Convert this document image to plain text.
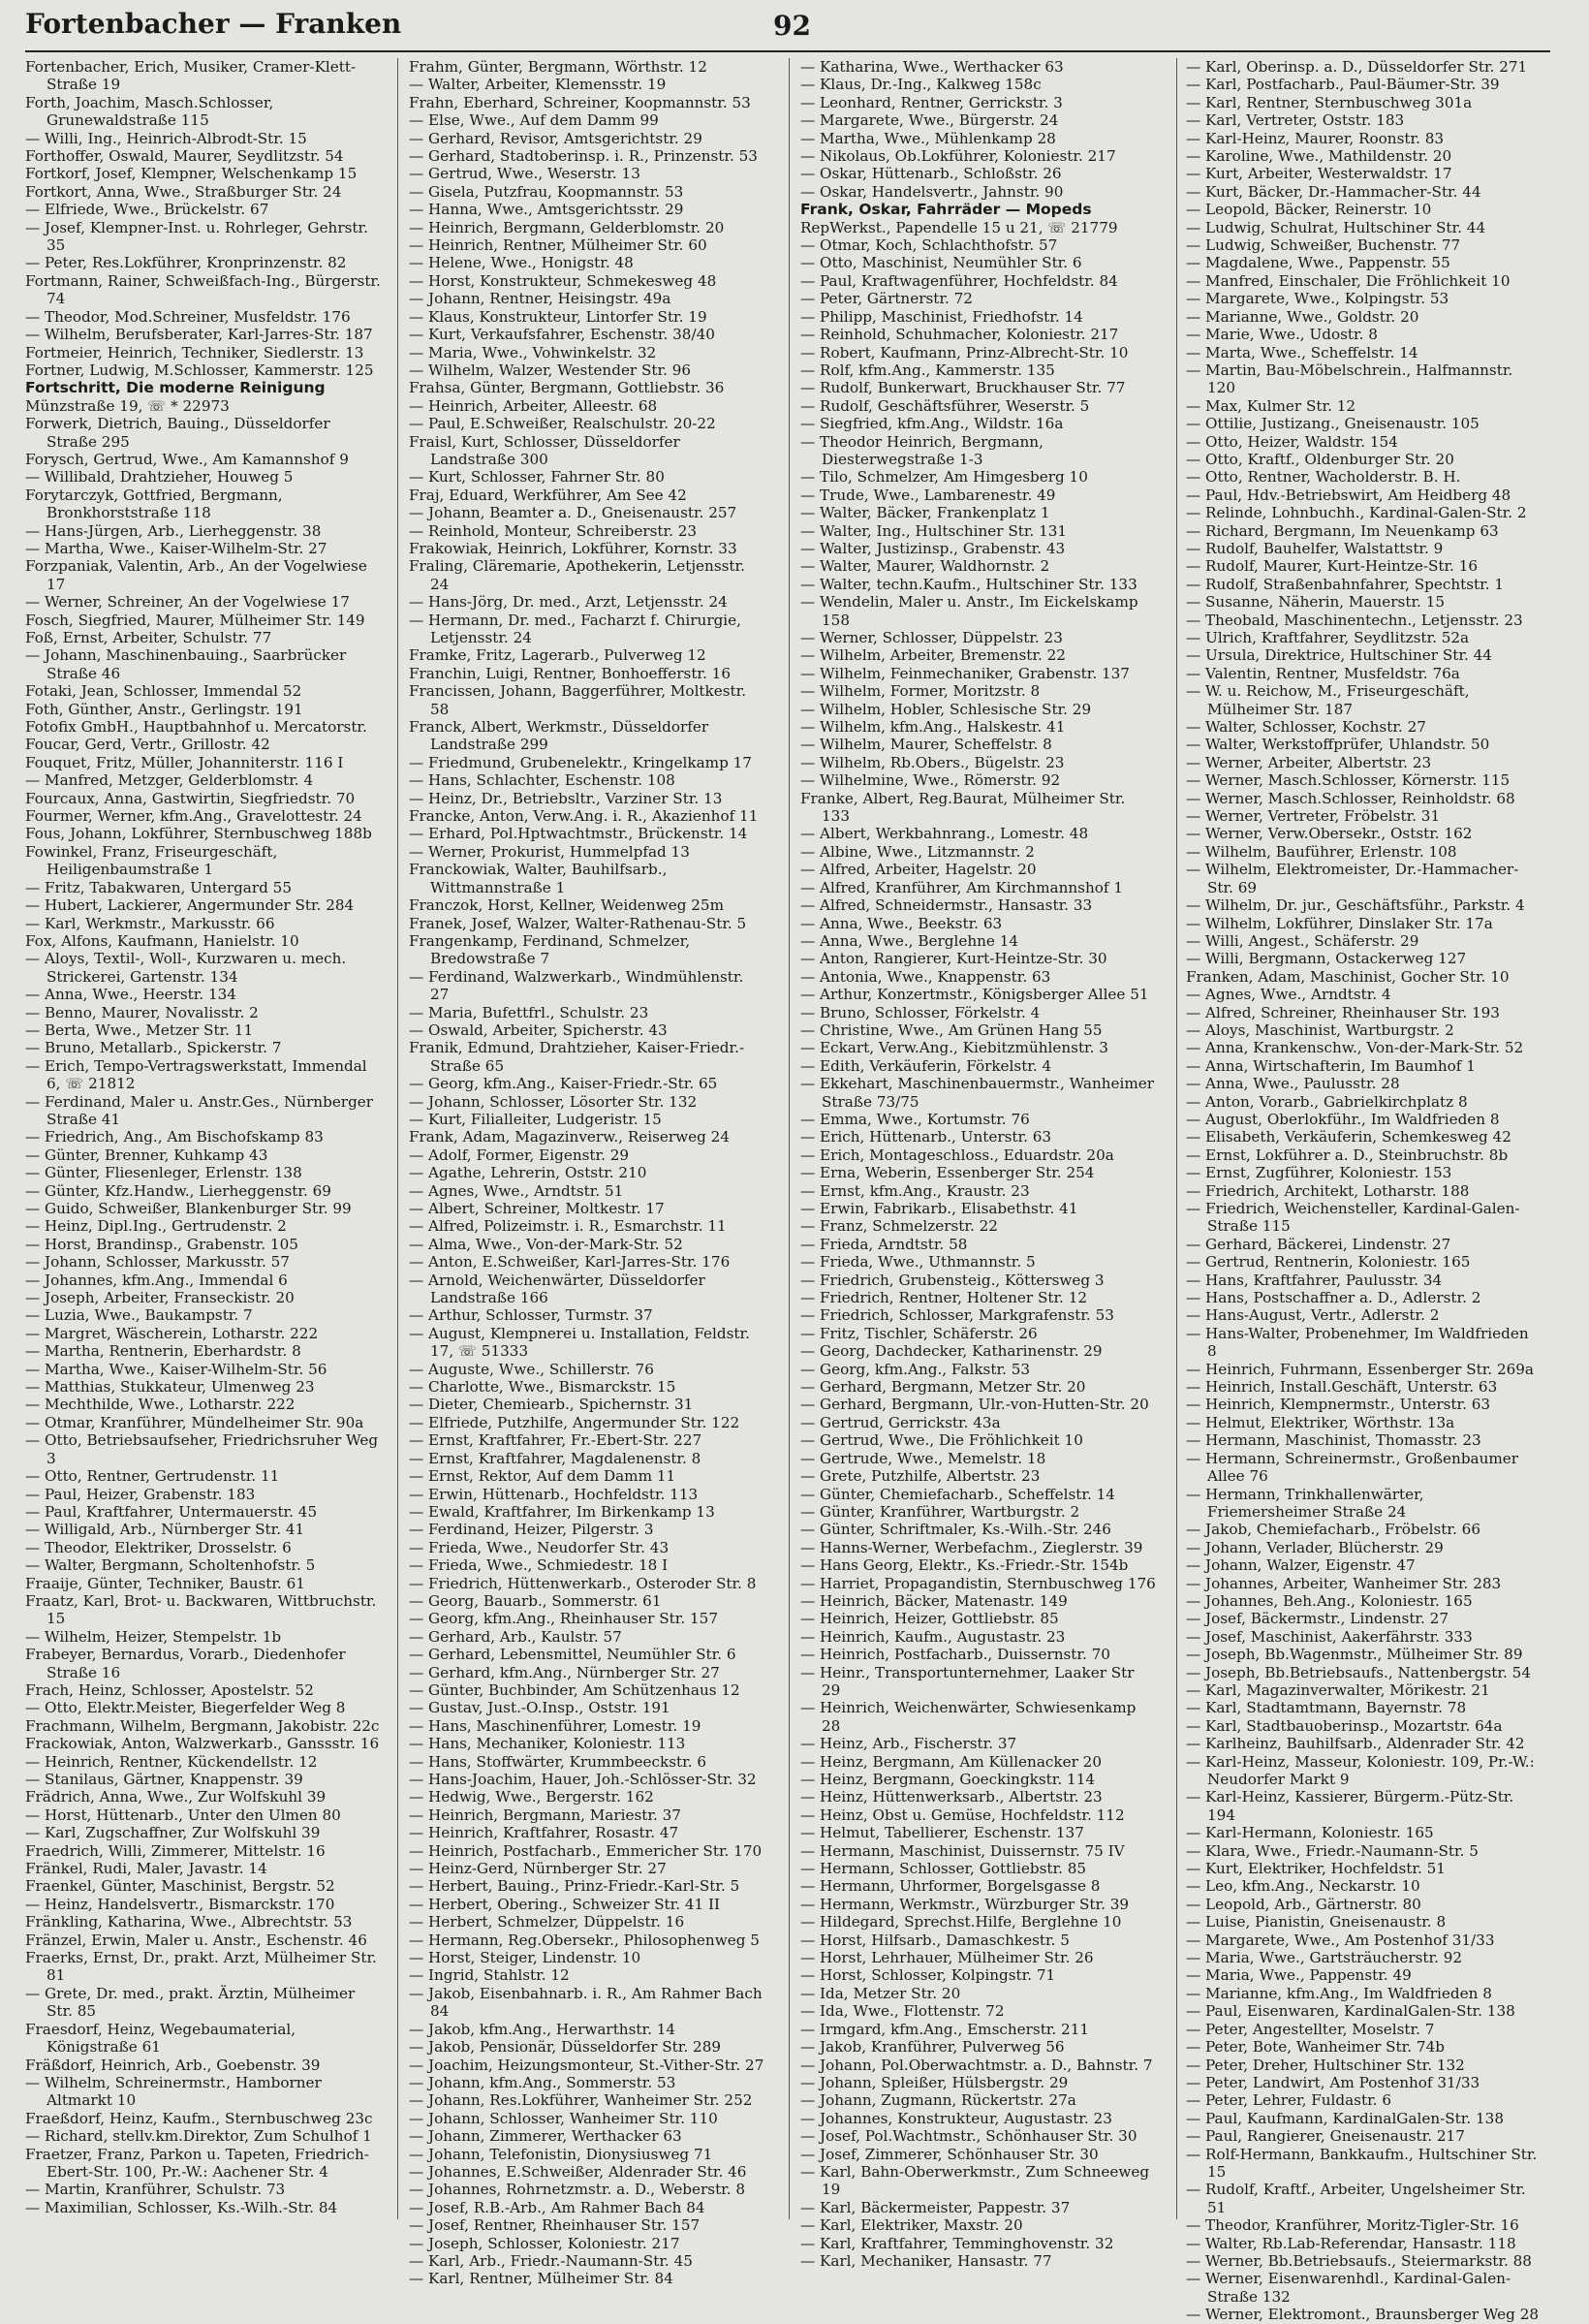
Fortenbacher — Franken	92

Fortenbacher, Erich, Musiker, Cramer-Klett-Straße 19

Forth, Joachim, Masch.Schlosser, Grunewaldstraße 115

— Willi, Ing., Heinrich-Albrodt-Str. 15

Forthoffer, Oswald, Maurer, Seydlitzstr. 54

Fortkorf, Josef, Klempner, Welschenkamp 15

Fortkort, Anna, Wwe., Straßburger Str. 24

— Elfriede, Wwe., Brückelstr. 67

— Josef, Klempner-Inst. u. Rohrleger, Gehrstr. 35

— Peter, Res.Lokführer, Kronprinzenstr. 82

Fortmann, Rainer, Schweißfach-Ing., Bürgerstr. 74

— Theodor, Mod.Schreiner, Musfeldstr. 176

— Wilhelm, Berufsberater, Karl-Jarres-Str. 187

Fortmeier, Heinrich, Techniker, Siedlerstr. 13

Fortner, Ludwig, M.Schlosser, Kammerstr. 125

Fortschritt, Die moderne Reinigung

Münzstraße 19, ☏ * 22973

Forwerk, Dietrich, Bauing., Düsseldorfer Straße 295

Forysch, Gertrud, Wwe., Am Kamannshof 9

— Willibald, Drahtzieher, Houweg 5

Forytarczyk, Gottfried, Bergmann, Bronkhorststraße 118

— Hans-Jürgen, Arb., Lierheggenstr. 38

— Martha, Wwe., Kaiser-Wilhelm-Str. 27

Forzpaniak, Valentin, Arb., An der Vogelwiese 17

— Werner, Schreiner, An der Vogelwiese 17

Fosch, Siegfried, Maurer, Mülheimer Str. 149

Foß, Ernst, Arbeiter, Schulstr. 77

— Johann, Maschinenbauing., Saarbrücker Straße 46

Fotaki, Jean, Schlosser, Immendal 52

Foth, Günther, Anstr., Gerlingstr. 191

Fotofix GmbH., Hauptbahnhof u. Mercatorstr.

Foucar, Gerd, Vertr., Grillostr. 42

Fouquet, Fritz, Müller, Johanniterstr. 116 I

— Manfred, Metzger, Gelderblomstr. 4

Fourcaux, Anna, Gastwirtin, Siegfriedstr. 70

Fourmer, Werner, kfm.Ang., Gravelottestr. 24

Fous, Johann, Lokführer, Sternbuschweg 188b

Fowinkel, Franz, Friseurgeschäft, Heiligenbaumstraße 1

— Fritz, Tabakwaren, Untergard 55

— Hubert, Lackierer, Angermunder Str. 284

— Karl, Werkmstr., Markusstr. 66

Fox, Alfons, Kaufmann, Hanielstr. 10

— Aloys, Textil-, Woll-, Kurzwaren u. mech. Strickerei, Gartenstr. 134

— Anna, Wwe., Heerstr. 134

— Benno, Maurer, Novalisstr. 2

— Berta, Wwe., Metzer Str. 11

— Bruno, Metallarb., Spickerstr. 7

— Erich, Tempo-Vertragswerkstatt, Immendal 6, ☏ 21812

— Ferdinand, Maler u. Anstr.Ges., Nürnberger Straße 41

— Friedrich, Ang., Am Bischofskamp 83

— Günter, Brenner, Kuhkamp 43

— Günter, Fliesenleger, Erlenstr. 138

— Günter, Kfz.Handw., Lierheggenstr. 69

— Guido, Schweißer, Blankenburger Str. 99

— Heinz, Dipl.Ing., Gertrudenstr. 2

— Horst, Brandinsp., Grabenstr. 105

— Johann, Schlosser, Markusstr. 57

— Johannes, kfm.Ang., Immendal 6

— Joseph, Arbeiter, Franseckistr. 20

— Luzia, Wwe., Baukampstr. 7

— Margret, Wäscherein, Lotharstr. 222

— Martha, Rentnerin, Eberhardstr. 8

— Martha, Wwe., Kaiser-Wilhelm-Str. 56

— Matthias, Stukkateur, Ulmenweg 23

— Mechthilde, Wwe., Lotharstr. 222

— Otmar, Kranführer, Mündelheimer Str. 90a

— Otto, Betriebsaufseher, Friedrichsruher Weg 3

— Otto, Rentner, Gertrudenstr. 11

— Paul, Heizer, Grabenstr. 183

— Paul, Kraftfahrer, Untermauerstr. 45

— Willigald, Arb., Nürnberger Str. 41

— Theodor, Elektriker, Drosselstr. 6

— Walter, Bergmann, Scholtenhofstr. 5

Fraaije, Günter, Techniker, Baustr. 61

Fraatz, Karl, Brot- u. Backwaren, Wittbruchstr. 15

— Wilhelm, Heizer, Stempelstr. 1b

Frabeyer, Bernardus, Vorarb., Diedenhofer Straße 16

Frach, Heinz, Schlosser, Apostelstr. 52

— Otto, Elektr.Meister, Biegerfelder Weg 8

Frachmann, Wilhelm, Bergmann, Jakobistr. 22c

Frackowiak, Anton, Walzwerkarb., Ganssstr. 16

— Heinrich, Rentner, Kückendellstr. 12

— Stanilaus, Gärtner, Knappenstr. 39

Frädrich, Anna, Wwe., Zur Wolfskuhl 39

— Horst, Hüttenarb., Unter den Ulmen 80

— Karl, Zugschaffner, Zur Wolfskuhl 39

Fraedrich, Willi, Zimmerer, Mittelstr. 16

Fränkel, Rudi, Maler, Javastr. 14

Fraenkel, Günter, Maschinist, Bergstr. 52

— Heinz, Handelsvertr., Bismarckstr. 170

Fränkling, Katharina, Wwe., Albrechtstr. 53

Fränzel, Erwin, Maler u. Anstr., Eschenstr. 46

Fraerks, Ernst, Dr., prakt. Arzt, Mülheimer Str. 81

— Grete, Dr. med., prakt. Ärztin, Mülheimer Str. 85

Fraesdorf, Heinz, Wegebaumaterial, Königstraße 61

Fräßdorf, Heinrich, Arb., Goebenstr. 39

— Wilhelm, Schreinermstr., Hamborner Altmarkt 10

Fraeßdorf, Heinz, Kaufm., Sternbuschweg 23c

— Richard, stellv.km.Direktor, Zum Schulhof 1

Fraetzer, Franz, Parkon u. Tapeten, Friedrich-Ebert-Str. 100, Pr.-W.: Aachener Str. 4

— Martin, Kranführer, Schulstr. 73

— Maximilian, Schlosser, Ks.-Wilh.-Str. 84

Frahm, Günter, Bergmann, Wörthstr. 12

— Walter, Arbeiter, Klemensstr. 19

Frahn, Eberhard, Schreiner, Koopmannstr. 53

— Else, Wwe., Auf dem Damm 99

— Gerhard, Revisor, Amtsgerichtstr. 29

— Gerhard, Stadtoberinsp. i. R., Prinzenstr. 53

— Gertrud, Wwe., Weserstr. 13

— Gisela, Putzfrau, Koopmannstr. 53

— Hanna, Wwe., Amtsgerichtsstr. 29

— Heinrich, Bergmann, Gelderblomstr. 20

— Heinrich, Rentner, Mülheimer Str. 60

— Helene, Wwe., Honigstr. 48

— Horst, Konstrukteur, Schmekesweg 48

— Johann, Rentner, Heisingstr. 49a

— Klaus, Konstrukteur, Lintorfer Str. 19

— Kurt, Verkaufsfahrer, Eschenstr. 38/40

— Maria, Wwe., Vohwinkelstr. 32

— Wilhelm, Walzer, Westender Str. 96

Frahsa, Günter, Bergmann, Gottliebstr. 36

— Heinrich, Arbeiter, Alleestr. 68

— Paul, E.Schweißer, Realschulstr. 20-22

Fraisl, Kurt, Schlosser, Düsseldorfer Landstraße 300

— Kurt, Schlosser, Fahrner Str. 80

Fraj, Eduard, Werkführer, Am See 42

— Johann, Beamter a. D., Gneisenaustr. 257

— Reinhold, Monteur, Schreiberstr. 23

Frakowiak, Heinrich, Lokführer, Kornstr. 33

Fraling, Cläremarie, Apothekerin, Letjensstr. 24

— Hans-Jörg, Dr. med., Arzt, Letjensstr. 24

— Hermann, Dr. med., Facharzt f. Chirurgie, Letjensstr. 24

Framke, Fritz, Lagerarb., Pulverweg 12

Franchin, Luigi, Rentner, Bonhoefferstr. 16

Francissen, Johann, Baggerführer, Moltkestr. 58

Franck, Albert, Werkmstr., Düsseldorfer Landstraße 299

— Friedmund, Grubenelektr., Kringelkamp 17

— Hans, Schlachter, Eschenstr. 108

— Heinz, Dr., Betriebsltr., Varziner Str. 13

Francke, Anton, Verw.Ang. i. R., Akazienhof 11

— Erhard, Pol.Hptwachtmstr., Brückenstr. 14

— Werner, Prokurist, Hummelpfad 13

Franckowiak, Walter, Bauhilfsarb., Wittmannstraße 1

Franczok, Horst, Kellner, Weidenweg 25m

Franek, Josef, Walzer, Walter-Rathenau-Str. 5

Frangenkamp, Ferdinand, Schmelzer, Bredowstraße 7

— Ferdinand, Walzwerkarb., Windmühlenstr. 27

— Maria, Bufettfrl., Schulstr. 23

— Oswald, Arbeiter, Spicherstr. 43

Franik, Edmund, Drahtzieher, Kaiser-Friedr.-Straße 65

— Georg, kfm.Ang., Kaiser-Friedr.-Str. 65

— Johann, Schlosser, Lösorter Str. 132

— Kurt, Filialleiter, Ludgeristr. 15

Frank, Adam, Magazinverw., Reiserweg 24

— Adolf, Former, Eigenstr. 29

— Agathe, Lehrerin, Oststr. 210

— Agnes, Wwe., Arndtstr. 51

— Albert, Schreiner, Moltkestr. 17

— Alfred, Polizeimstr. i. R., Esmarchstr. 11

— Alma, Wwe., Von-der-Mark-Str. 52

— Anton, E.Schweißer, Karl-Jarres-Str. 176

— Arnold, Weichenwärter, Düsseldorfer Landstraße 166

— Arthur, Schlosser, Turmstr. 37

— August, Klempnerei u. Installation, Feldstr. 17, ☏ 51333

— Auguste, Wwe., Schillerstr. 76

— Charlotte, Wwe., Bismarckstr. 15

— Dieter, Chemiearb., Spichernstr. 31

— Elfriede, Putzhilfe, Angermunder Str. 122

— Ernst, Kraftfahrer, Fr.-Ebert-Str. 227

— Ernst, Kraftfahrer, Magdalenenstr. 8

— Ernst, Rektor, Auf dem Damm 11

— Erwin, Hüttenarb., Hochfeldstr. 113

— Ewald, Kraftfahrer, Im Birkenkamp 13

— Ferdinand, Heizer, Pilgerstr. 3

— Frieda, Wwe., Neudorfer Str. 43

— Frieda, Wwe., Schmiedestr. 18 I

— Friedrich, Hüttenwerkarb., Osteroder Str. 8

— Georg, Bauarb., Sommerstr. 61

— Georg, kfm.Ang., Rheinhauser Str. 157

— Gerhard, Arb., Kaulstr. 57

— Gerhard, Lebensmittel, Neumühler Str. 6

— Gerhard, kfm.Ang., Nürnberger Str. 27

— Günter, Buchbinder, Am Schützenhaus 12

— Gustav, Just.-O.Insp., Oststr. 191

— Hans, Maschinenführer, Lomestr. 19

— Hans, Mechaniker, Koloniestr. 113

— Hans, Stoffwärter, Krummbeeckstr. 6

— Hans-Joachim, Hauer, Joh.-Schlösser-Str. 32

— Hedwig, Wwe., Bergerstr. 162

— Heinrich, Bergmann, Mariestr. 37

— Heinrich, Kraftfahrer, Rosastr. 47

— Heinrich, Postfacharb., Emmericher Str. 170

— Heinz-Gerd, Nürnberger Str. 27

— Herbert, Bauing., Prinz-Friedr.-Karl-Str. 5

— Herbert, Obering., Schweizer Str. 41 II

— Herbert, Schmelzer, Düppelstr. 16

— Hermann, Reg.Obersekr., Philosophenweg 5

— Horst, Steiger, Lindenstr. 10

— Ingrid, Stahlstr. 12

— Jakob, Eisenbahnarb. i. R., Am Rahmer Bach 84

— Jakob, kfm.Ang., Herwarthstr. 14

— Jakob, Pensionär, Düsseldorfer Str. 289

— Joachim, Heizungsmonteur, St.-Vither-Str. 27

— Johann, kfm.Ang., Sommerstr. 53

— Johann, Res.Lokführer, Wanheimer Str. 252

— Johann, Schlosser, Wanheimer Str. 110

— Johann, Zimmerer, Werthacker 63

— Johann, Telefonistin, Dionysiusweg 71

— Johannes, E.Schweißer, Aldenrader Str. 46

— Johannes, Rohrnetzmstr. a. D., Weberstr. 8

— Josef, R.B.-Arb., Am Rahmer Bach 84

— Josef, Rentner, Rheinhauser Str. 157

— Joseph, Schlosser, Koloniestr. 217

— Karl, Arb., Friedr.-Naumann-Str. 45

— Karl, Rentner, Mülheimer Str. 84

— Katharina, Wwe., Werthacker 63

— Klaus, Dr.-Ing., Kalkweg 158c

— Leonhard, Rentner, Gerrickstr. 3

— Margarete, Wwe., Bürgerstr. 24

— Martha, Wwe., Mühlenkamp 28

— Nikolaus, Ob.Lokführer, Koloniestr. 217

— Oskar, Hüttenarb., Schloßstr. 26

— Oskar, Handelsvertr., Jahnstr. 90

Frank, Oskar, Fahrräder — Mopeds

RepWerkst., Papendelle 15 u 21, ☏ 21779

— Otmar, Koch, Schlachthofstr. 57

— Otto, Maschinist, Neumühler Str. 6

— Paul, Kraftwagenführer, Hochfeldstr. 84

— Peter, Gärtnerstr. 72

— Philipp, Maschinist, Friedhofstr. 14

— Reinhold, Schuhmacher, Koloniestr. 217

— Robert, Kaufmann, Prinz-Albrecht-Str. 10

— Rolf, kfm.Ang., Kammerstr. 135

— Rudolf, Bunkerwart, Bruckhauser Str. 77

— Rudolf, Geschäftsführer, Weserstr. 5

— Siegfried, kfm.Ang., Wildstr. 16a

— Theodor Heinrich, Bergmann, Diesterwegstraße 1-3

— Tilo, Schmelzer, Am Himgesberg 10

— Trude, Wwe., Lambarenestr. 49

— Walter, Bäcker, Frankenplatz 1

— Walter, Ing., Hultschiner Str. 131

— Walter, Justizinsp., Grabenstr. 43

— Walter, Maurer, Waldhornstr. 2

— Walter, techn.Kaufm., Hultschiner Str. 133

— Wendelin, Maler u. Anstr., Im Eickelskamp 158

— Werner, Schlosser, Düppelstr. 23

— Wilhelm, Arbeiter, Bremenstr. 22

— Wilhelm, Feinmechaniker, Grabenstr. 137

— Wilhelm, Former, Moritzstr. 8

— Wilhelm, Hobler, Schlesische Str. 29

— Wilhelm, kfm.Ang., Halskestr. 41

— Wilhelm, Maurer, Scheffelstr. 8

— Wilhelm, Rb.Obers., Bügelstr. 23

— Wilhelmine, Wwe., Römerstr. 92

Franke, Albert, Reg.Baurat, Mülheimer Str. 133

— Albert, Werkbahnrang., Lomestr. 48

— Albine, Wwe., Litzmannstr. 2

— Alfred, Arbeiter, Hagelstr. 20

— Alfred, Kranführer, Am Kirchmannshof 1

— Alfred, Schneidermstr., Hansastr. 33

— Anna, Wwe., Beekstr. 63

— Anna, Wwe., Berglehne 14

— Anton, Rangierer, Kurt-Heintze-Str. 30

— Antonia, Wwe., Knappenstr. 63

— Arthur, Konzertmstr., Königsberger Allee 51

— Bruno, Schlosser, Förkelstr. 4

— Christine, Wwe., Am Grünen Hang 55

— Eckart, Verw.Ang., Kiebitzmühlenstr. 3

— Edith, Verkäuferin, Förkelstr. 4

— Ekkehart, Maschinenbauermstr., Wanheimer Straße 73/75

— Emma, Wwe., Kortumstr. 76

— Erich, Hüttenarb., Unterstr. 63

— Erich, Montageschloss., Eduardstr. 20a

— Erna, Weberin, Essenberger Str. 254

— Ernst, kfm.Ang., Kraustr. 23

— Erwin, Fabrikarb., Elisabethstr. 41

— Franz, Schmelzerstr. 22

— Frieda, Arndtstr. 58

— Frieda, Wwe., Uthmannstr. 5

— Friedrich, Grubensteig., Köttersweg 3

— Friedrich, Rentner, Holtener Str. 12

— Friedrich, Schlosser, Markgrafenstr. 53

— Fritz, Tischler, Schäferstr. 26

— Georg, Dachdecker, Katharinenstr. 29

— Georg, kfm.Ang., Falkstr. 53

— Gerhard, Bergmann, Metzer Str. 20

— Gerhard, Bergmann, Ulr.-von-Hutten-Str. 20

— Gertrud, Gerrickstr. 43a

— Gertrud, Wwe., Die Fröhlichkeit 10

— Gertrude, Wwe., Memelstr. 18

— Grete, Putzhilfe, Albertstr. 23

— Günter, Chemiefacharb., Scheffelstr. 14

— Günter, Kranführer, Wartburgstr. 2

— Günter, Schriftmaler, Ks.-Wilh.-Str. 246

— Hanns-Werner, Werbefachm., Zieglerstr. 39

— Hans Georg, Elektr., Ks.-Friedr.-Str. 154b

— Harriet, Propagandistin, Sternbuschweg 176

— Heinrich, Bäcker, Matenastr. 149

— Heinrich, Heizer, Gottliebstr. 85

— Heinrich, Kaufm., Augustastr. 23

— Heinrich, Postfacharb., Duissernstr. 70

— Heinr., Transportunternehmer, Laaker Str 29

— Heinrich, Weichenwärter, Schwiesenkamp 28

— Heinz, Arb., Fischerstr. 37

— Heinz, Bergmann, Am Küllenacker 20

— Heinz, Bergmann, Goeckingkstr. 114

— Heinz, Hüttenwerksarb., Albertstr. 23

— Heinz, Obst u. Gemüse, Hochfeldstr. 112

— Helmut, Tabellierer, Eschenstr. 137

— Hermann, Maschinist, Duissernstr. 75 IV

— Hermann, Schlosser, Gottliebstr. 85

— Hermann, Uhrformer, Borgelsgasse 8

— Hermann, Werkmstr., Würzburger Str. 39

— Hildegard, Sprechst.Hilfe, Berglehne 10

— Horst, Hilfsarb., Damaschkestr. 5

— Horst, Lehrhauer, Mülheimer Str. 26

— Horst, Schlosser, Kolpingstr. 71

— Ida, Metzer Str. 20

— Ida, Wwe., Flottenstr. 72

— Irmgard, kfm.Ang., Emscherstr. 211

— Jakob, Kranführer, Pulverweg 56

— Johann, Pol.Oberwachtmstr. a. D., Bahnstr. 7

— Johann, Spleißer, Hülsbergstr. 29

— Johann, Zugmann, Rückertstr. 27a

— Johannes, Konstrukteur, Augustastr. 23

— Josef, Pol.Wachtmstr., Schönhauser Str. 30

— Josef, Zimmerer, Schönhauser Str. 30

— Karl, Bahn-Oberwerkmstr., Zum Schneeweg 19

— Karl, Bäckermeister, Pappestr. 37

— Karl, Elektriker, Maxstr. 20

— Karl, Kraftfahrer, Temminghovenstr. 32

— Karl, Mechaniker, Hansastr. 77

— Karl, Oberinsp. a. D., Düsseldorfer Str. 271

— Karl, Postfacharb., Paul-Bäumer-Str. 39

— Karl, Rentner, Sternbuschweg 301a

— Karl, Vertreter, Oststr. 183

— Karl-Heinz, Maurer, Roonstr. 83

— Karoline, Wwe., Mathildenstr. 20

— Kurt, Arbeiter, Westerwaldstr. 17

— Kurt, Bäcker, Dr.-Hammacher-Str. 44

— Leopold, Bäcker, Reinerstr. 10

— Ludwig, Schulrat, Hultschiner Str. 44

— Ludwig, Schweißer, Buchenstr. 77

— Magdalene, Wwe., Pappenstr. 55

— Manfred, Einschaler, Die Fröhlichkeit 10

— Margarete, Wwe., Kolpingstr. 53

— Marianne, Wwe., Goldstr. 20

— Marie, Wwe., Udostr. 8

— Marta, Wwe., Scheffelstr. 14

— Martin, Bau-Möbelschrein., Halfmannstr. 120

— Max, Kulmer Str. 12

— Ottilie, Justizang., Gneisenaustr. 105

— Otto, Heizer, Waldstr. 154

— Otto, Kraftf., Oldenburger Str. 20

— Otto, Rentner, Wacholderstr. B. H.

— Paul, Hdv.-Betriebswirt, Am Heidberg 48

— Relinde, Lohnbuchh., Kardinal-Galen-Str. 2

— Richard, Bergmann, Im Neuenkamp 63

— Rudolf, Bauhelfer, Walstattstr. 9

— Rudolf, Maurer, Kurt-Heintze-Str. 16

— Rudolf, Straßenbahnfahrer, Spechtstr. 1

— Susanne, Näherin, Mauerstr. 15

— Theobald, Maschinentechn., Letjensstr. 23

— Ulrich, Kraftfahrer, Seydlitzstr. 52a

— Ursula, Direktrice, Hultschiner Str. 44

— Valentin, Rentner, Musfeldstr. 76a

— W. u. Reichow, M., Friseurgeschäft, Mülheimer Str. 187

— Walter, Schlosser, Kochstr. 27

— Walter, Werkstoffprüfer, Uhlandstr. 50

— Werner, Arbeiter, Albertstr. 23

— Werner, Masch.Schlosser, Körnerstr. 115

— Werner, Masch.Schlosser, Reinholdstr. 68

— Werner, Vertreter, Fröbelstr. 31

— Werner, Verw.Obersekr., Oststr. 162

— Wilhelm, Bauführer, Erlenstr. 108

— Wilhelm, Elektromeister, Dr.-Hammacher-Str. 69

— Wilhelm, Dr. jur., Geschäftsführ., Parkstr. 4

— Wilhelm, Lokführer, Dinslaker Str. 17a

— Willi, Angest., Schäferstr. 29

— Willi, Bergmann, Ostackerweg 127

Franken, Adam, Maschinist, Gocher Str. 10

— Agnes, Wwe., Arndtstr. 4

— Alfred, Schreiner, Rheinhauser Str. 193

— Aloys, Maschinist, Wartburgstr. 2

— Anna, Krankenschw., Von-der-Mark-Str. 52

— Anna, Wirtschafterin, Im Baumhof 1

— Anna, Wwe., Paulusstr. 28

— Anton, Vorarb., Gabrielkirchplatz 8

— August, Oberlokführ., Im Waldfrieden 8

— Elisabeth, Verkäuferin, Schemkesweg 42

— Ernst, Lokführer a. D., Steinbruchstr. 8b

— Ernst, Zugführer, Koloniestr. 153

— Friedrich, Architekt, Lotharstr. 188

— Friedrich, Weichensteller, Kardinal-Galen-Straße 115

— Gerhard, Bäckerei, Lindenstr. 27

— Gertrud, Rentnerin, Koloniestr. 165

— Hans, Kraftfahrer, Paulusstr. 34

— Hans, Postschaffner a. D., Adlerstr. 2

— Hans-August, Vertr., Adlerstr. 2

— Hans-Walter, Probenehmer, Im Waldfrieden 8

— Heinrich, Fuhrmann, Essenberger Str. 269a

— Heinrich, Install.Geschäft, Unterstr. 63

— Heinrich, Klempnermstr., Unterstr. 63

— Helmut, Elektriker, Wörthstr. 13a

— Hermann, Maschinist, Thomasstr. 23

— Hermann, Schreinermstr., Großenbaumer Allee 76

— Hermann, Trinkhallenwärter, Friemersheimer Straße 24

— Jakob, Chemiefacharb., Fröbelstr. 66

— Johann, Verlader, Blücherstr. 29

— Johann, Walzer, Eigenstr. 47

— Johannes, Arbeiter, Wanheimer Str. 283

— Johannes, Beh.Ang., Koloniestr. 165

— Josef, Bäckermstr., Lindenstr. 27

— Josef, Maschinist, Aakerfährstr. 333

— Joseph, Bb.Wagenmstr., Mülheimer Str. 89

— Joseph, Bb.Betriebsaufs., Nattenbergstr. 54

— Karl, Magazinverwalter, Mörikestr. 21

— Karl, Stadtamtmann, Bayernstr. 78

— Karl, Stadtbauoberinsp., Mozartstr. 64a

— Karlheinz, Bauhilfsarb., Aldenrader Str. 42

— Karl-Heinz, Masseur, Koloniestr. 109, Pr.-W.: Neudorfer Markt 9

— Karl-Heinz, Kassierer, Bürgerm.-Pütz-Str. 194

— Karl-Hermann, Koloniestr. 165

— Klara, Wwe., Friedr.-Naumann-Str. 5

— Kurt, Elektriker, Hochfeldstr. 51

— Leo, kfm.Ang., Neckarstr. 10

— Leopold, Arb., Gärtnerstr. 80

— Luise, Pianistin, Gneisenaustr. 8

— Margarete, Wwe., Am Postenhof 31/33

— Maria, Wwe., Gartsträucherstr. 92

— Maria, Wwe., Pappenstr. 49

— Marianne, kfm.Ang., Im Waldfrieden 8

— Paul, Eisenwaren, KardinalGalen-Str. 138

— Peter, Angestellter, Moselstr. 7

— Peter, Bote, Wanheimer Str. 74b

— Peter, Dreher, Hultschiner Str. 132

— Peter, Landwirt, Am Postenhof 31/33

— Peter, Lehrer, Fuldastr. 6

— Paul, Kaufmann, KardinalGalen-Str. 138

— Paul, Rangierer, Gneisenaustr. 217

— Rolf-Hermann, Bankkaufm., Hultschiner Str. 15

— Rudolf, Kraftf., Arbeiter, Ungelsheimer Str. 51

— Theodor, Kranführer, Moritz-Tigler-Str. 16

— Walter, Rb.Lab-Referendar, Hansastr. 118

— Werner, Bb.Betriebsaufs., Steiermarkstr. 88

— Werner, Eisenwarenhdl., Kardinal-Galen-Straße 132

— Werner, Elektromont., Braunsberger Weg 28
